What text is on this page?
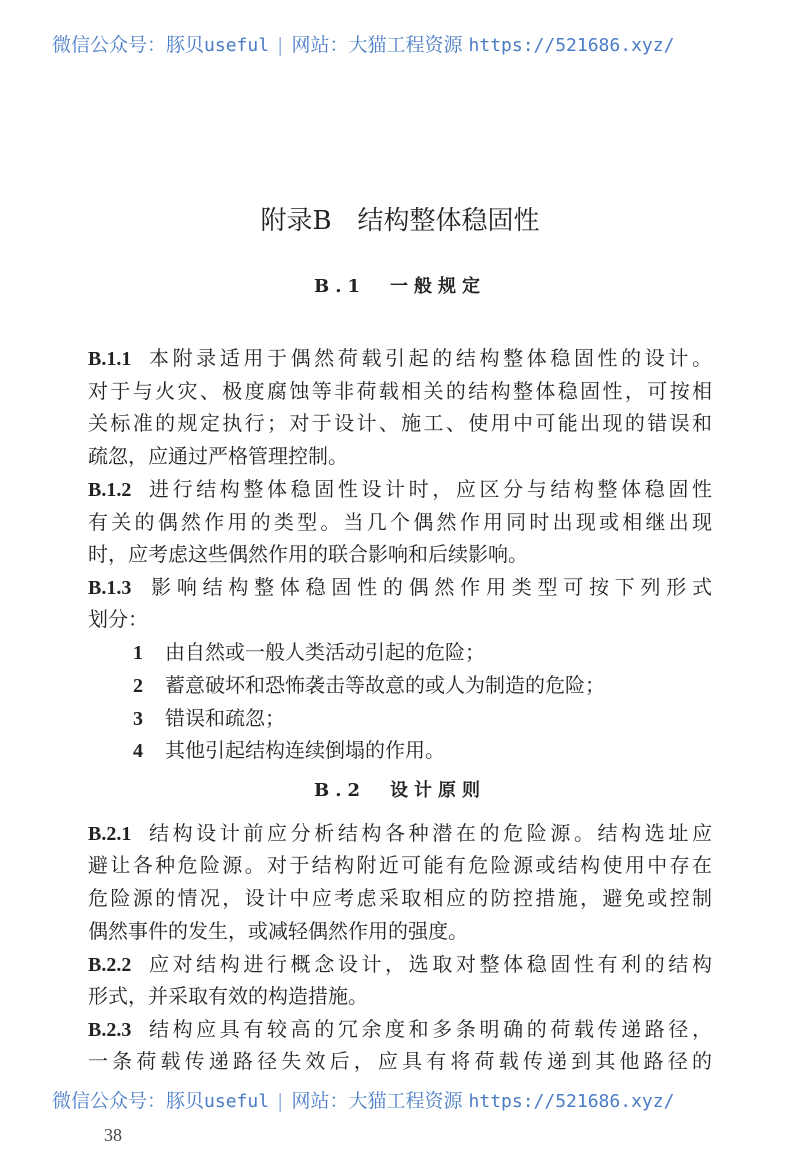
微信公众号：豚贝useful | 网站：大猫工程资源 https://521686.xyz/
附录B　结构整体稳固性
B.1　一般规定
B.1.1 本附录适用于偶然荷载引起的结构整体稳固性的设计。
对于与火灾、极度腐蚀等非荷载相关的结构整体稳固性，可按相
关标准的规定执行；对于设计、施工、使用中可能出现的错误和
疏忽，应通过严格管理控制。
B.1.2 进行结构整体稳固性设计时，应区分与结构整体稳固性
有关的偶然作用的类型。当几个偶然作用同时出现或相继出现
时，应考虑这些偶然作用的联合影响和后续影响。
B.1.3 影响结构整体稳固性的偶然作用类型可按下列形式
划分：
1 由自然或一般人类活动引起的危险；
2 蓄意破坏和恐怖袭击等故意的或人为制造的危险；
3 错误和疏忽；
4 其他引起结构连续倒塌的作用。
B.2　设计原则
B.2.1 结构设计前应分析结构各种潜在的危险源。结构选址应
避让各种危险源。对于结构附近可能有危险源或结构使用中存在
危险源的情况，设计中应考虑采取相应的防控措施，避免或控制
偶然事件的发生，或减轻偶然作用的强度。
B.2.2 应对结构进行概念设计，选取对整体稳固性有利的结构
形式，并采取有效的构造措施。
B.2.3 结构应具有较高的冗余度和多条明确的荷载传递路径，
一条荷载传递路径失效后，应具有将荷载传递到其他路径的
微信公众号：豚贝useful | 网站：大猫工程资源 https://521686.xyz/
38
